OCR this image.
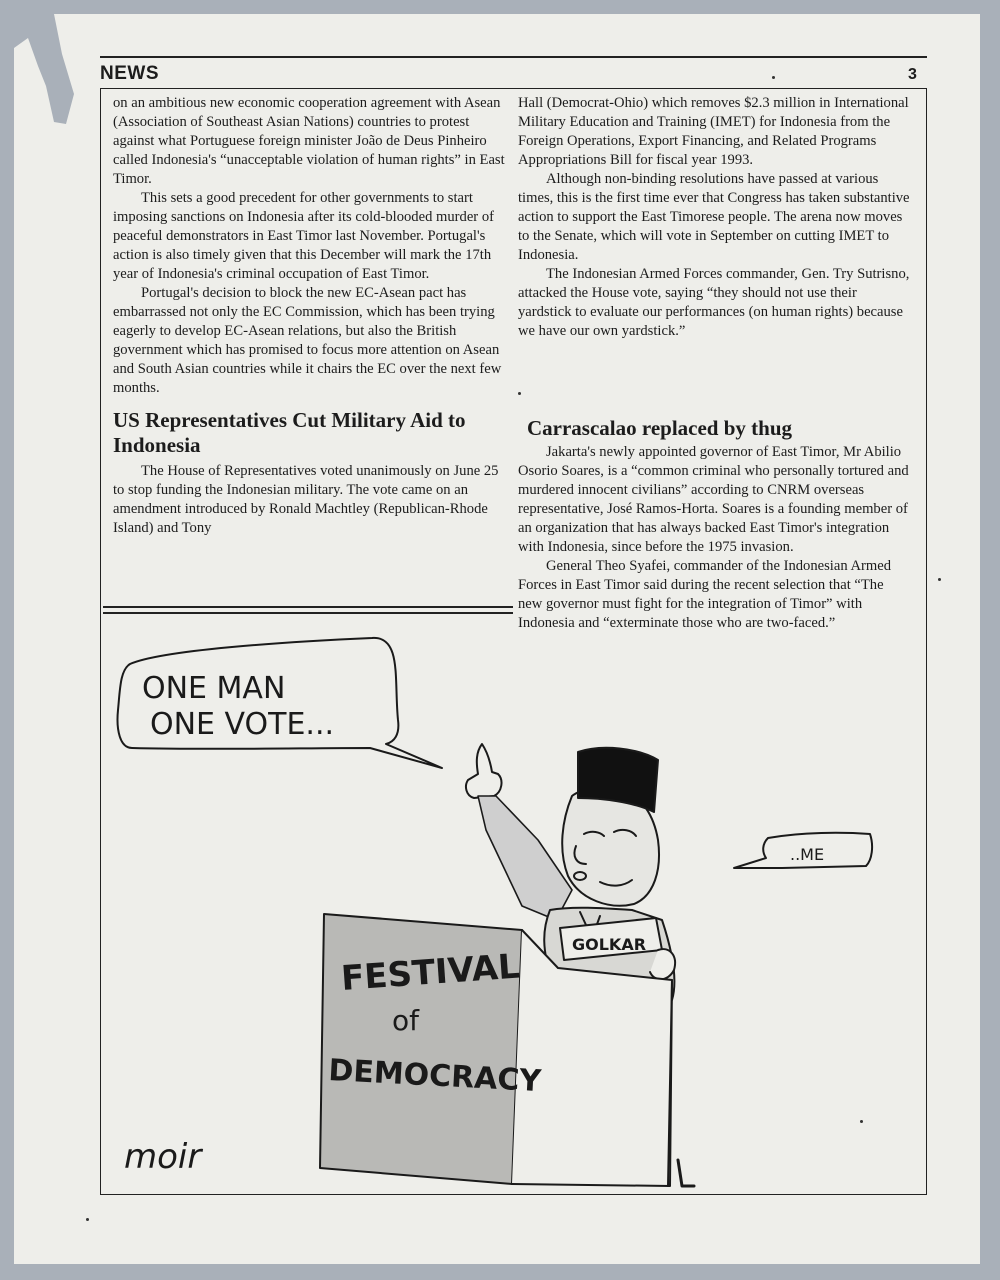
NEWS	3

on an ambitious new economic cooperation agreement with Asean (Association of Southeast Asian Nations) countries to protest against what Portuguese foreign minister João de Deus Pinheiro called Indonesia's “unacceptable violation of human rights” in East Timor.

This sets a good precedent for other governments to start imposing sanctions on Indonesia after its cold-blooded murder of peaceful demonstrators in East Timor last November. Portugal's action is also timely given that this December will mark the 17th year of Indonesia's criminal occupation of East Timor.

Portugal's decision to block the new EC-Asean pact has embarrassed not only the EC Commission, which has been trying eagerly to develop EC-Asean relations, but also the British government which has promised to focus more attention on Asean and South Asian countries while it chairs the EC over the next few months.

US Representatives Cut Military Aid to Indonesia

The House of Representatives voted unanimously on June 25 to stop funding the Indonesian military. The vote came on an amendment introduced by Ronald Machtley (Republican-Rhode Island) and Tony

Hall (Democrat-Ohio) which removes $2.3 million in International Military Education and Training (IMET) for Indonesia from the Foreign Operations, Export Financing, and Related Programs Appropriations Bill for fiscal year 1993.

Although non-binding resolutions have passed at various times, this is the first time ever that Congress has taken substantive action to support the East Timorese people. The arena now moves to the Senate, which will vote in September on cutting IMET to Indonesia.

The Indonesian Armed Forces commander, Gen. Try Sutrisno, attacked the House vote, saying “they should not use their yardstick to evaluate our performances (on human rights) because we have our own yardstick.”

Carrascalao replaced by thug

Jakarta's newly appointed governor of East Timor, Mr Abilio Osorio Soares, is a “common criminal who personally tortured and murdered innocent civilians” according to CNRM overseas representative, José Ramos-Horta. Soares is a founding member of an organization that has always backed East Timor's integration with Indonesia, since before the 1975 invasion.

General Theo Syafei, commander of the Indonesian Armed Forces in East Timor said during the recent selection that “The new governor must fight for the integration of Timor” with Indonesia and “exterminate those who are two-faced.”

ONE MAN
ONE VOTE...
..ME
GOLKAR
FESTIVAL
of
DEMOCRACY
moir
